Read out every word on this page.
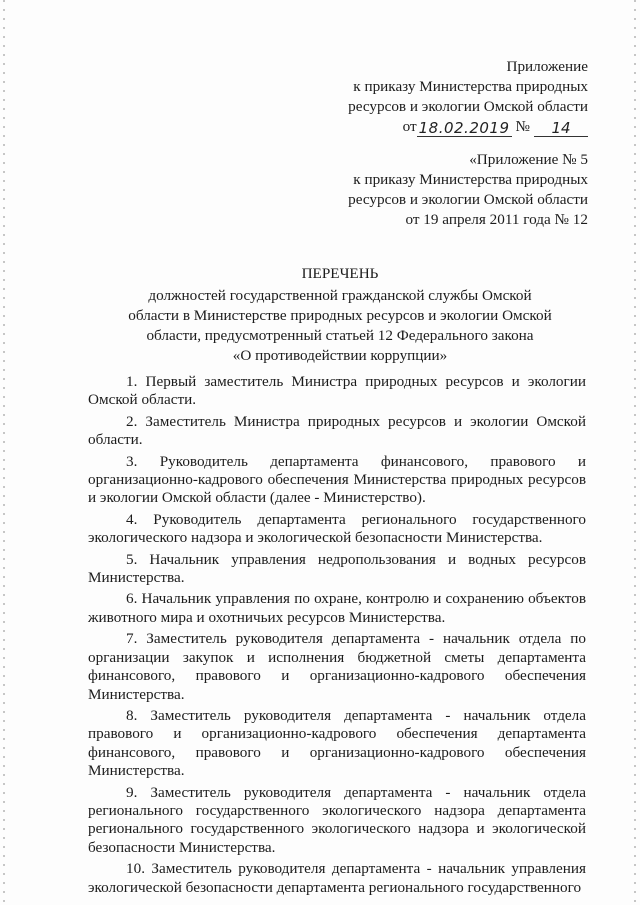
Приложение
к приказу Министерства природных
ресурсов и экологии Омской области
от 18.02.2019 №	14
«Приложение № 5
к приказу Министерства природных
ресурсов и экологии Омской области
от 19 апреля 2011 года № 12
ПЕРЕЧЕНЬ
должностей государственной гражданской службы Омской
области в Министерстве природных ресурсов и экологии Омской
области, предусмотренный статьей 12 Федерального закона
«О противодействии коррупции»

1. Первый заместитель Министра природных ресурсов и экологии Омской области.

2. Заместитель Министра природных ресурсов и экологии Омской области.

3. Руководитель департамента финансового, правового и организационно-кадрового обеспечения Министерства природных ресурсов и экологии Омской области (далее - Министерство).

4. Руководитель департамента регионального государственного экологического надзора и экологической безопасности Министерства.

5. Начальник управления недропользования и водных ресурсов Министерства.

6. Начальник управления по охране, контролю и сохранению объектов животного мира и охотничьих ресурсов Министерства.

7. Заместитель руководителя департамента - начальник отдела по организации закупок и исполнения бюджетной сметы департамента финансового, правового и организационно-кадрового обеспечения Министерства.

8. Заместитель руководителя департамента - начальник отдела правового и организационно-кадрового обеспечения департамента финансового, правового и организационно-кадрового обеспечения Министерства.

9. Заместитель руководителя департамента - начальник отдела регионального государственного экологического надзора департамента регионального государственного экологического надзора и экологической безопасности Министерства.

10. Заместитель руководителя департамента - начальник управления экологической безопасности департамента регионального государственного
